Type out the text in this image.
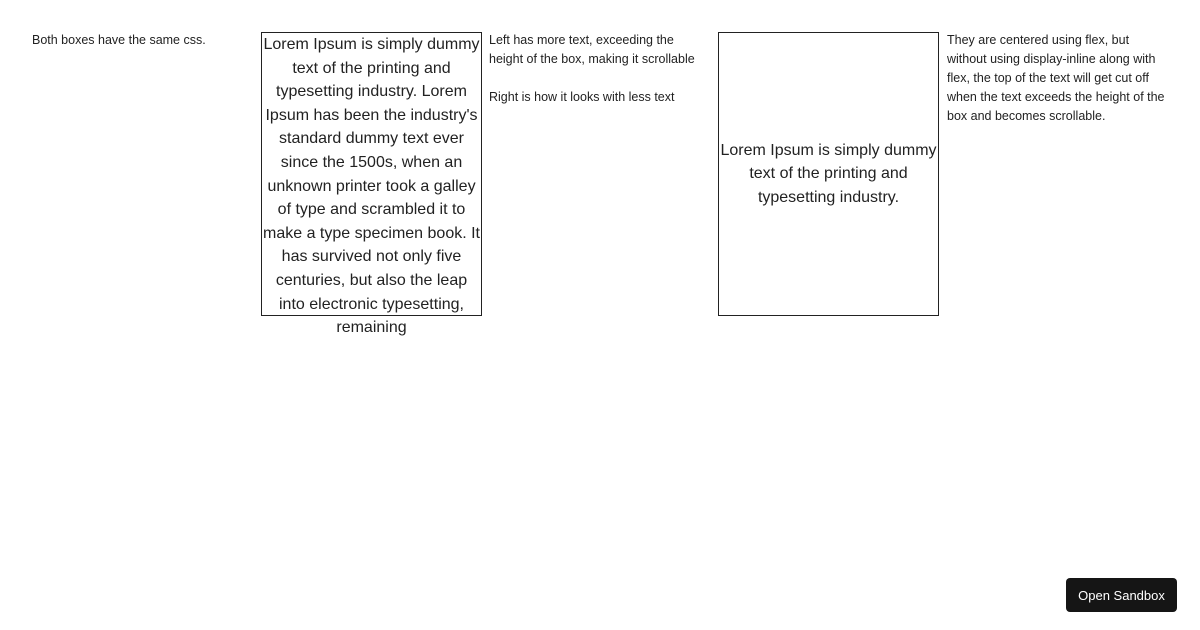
Both boxes have the same css.	Lorem Ipsum is simply dummy text of the printing and typesetting industry. Lorem Ipsum has been the industry's standard dummy text ever since the 1500s, when an unknown printer took a galley of type and scrambled it to make a type specimen book. It has survived not only five centuries, but also the leap into electronic typesetting, remaining

Left has more text, exceeding the height of the box, making it scrollable

Right is how it looks with less text

Lorem Ipsum is simply dummy text of the printing and typesetting industry.

They are centered using flex, but without using display-inline along with flex, the top of the text will get cut off when the text exceeds the height of the box and becomes scrollable.

Open Sandbox
